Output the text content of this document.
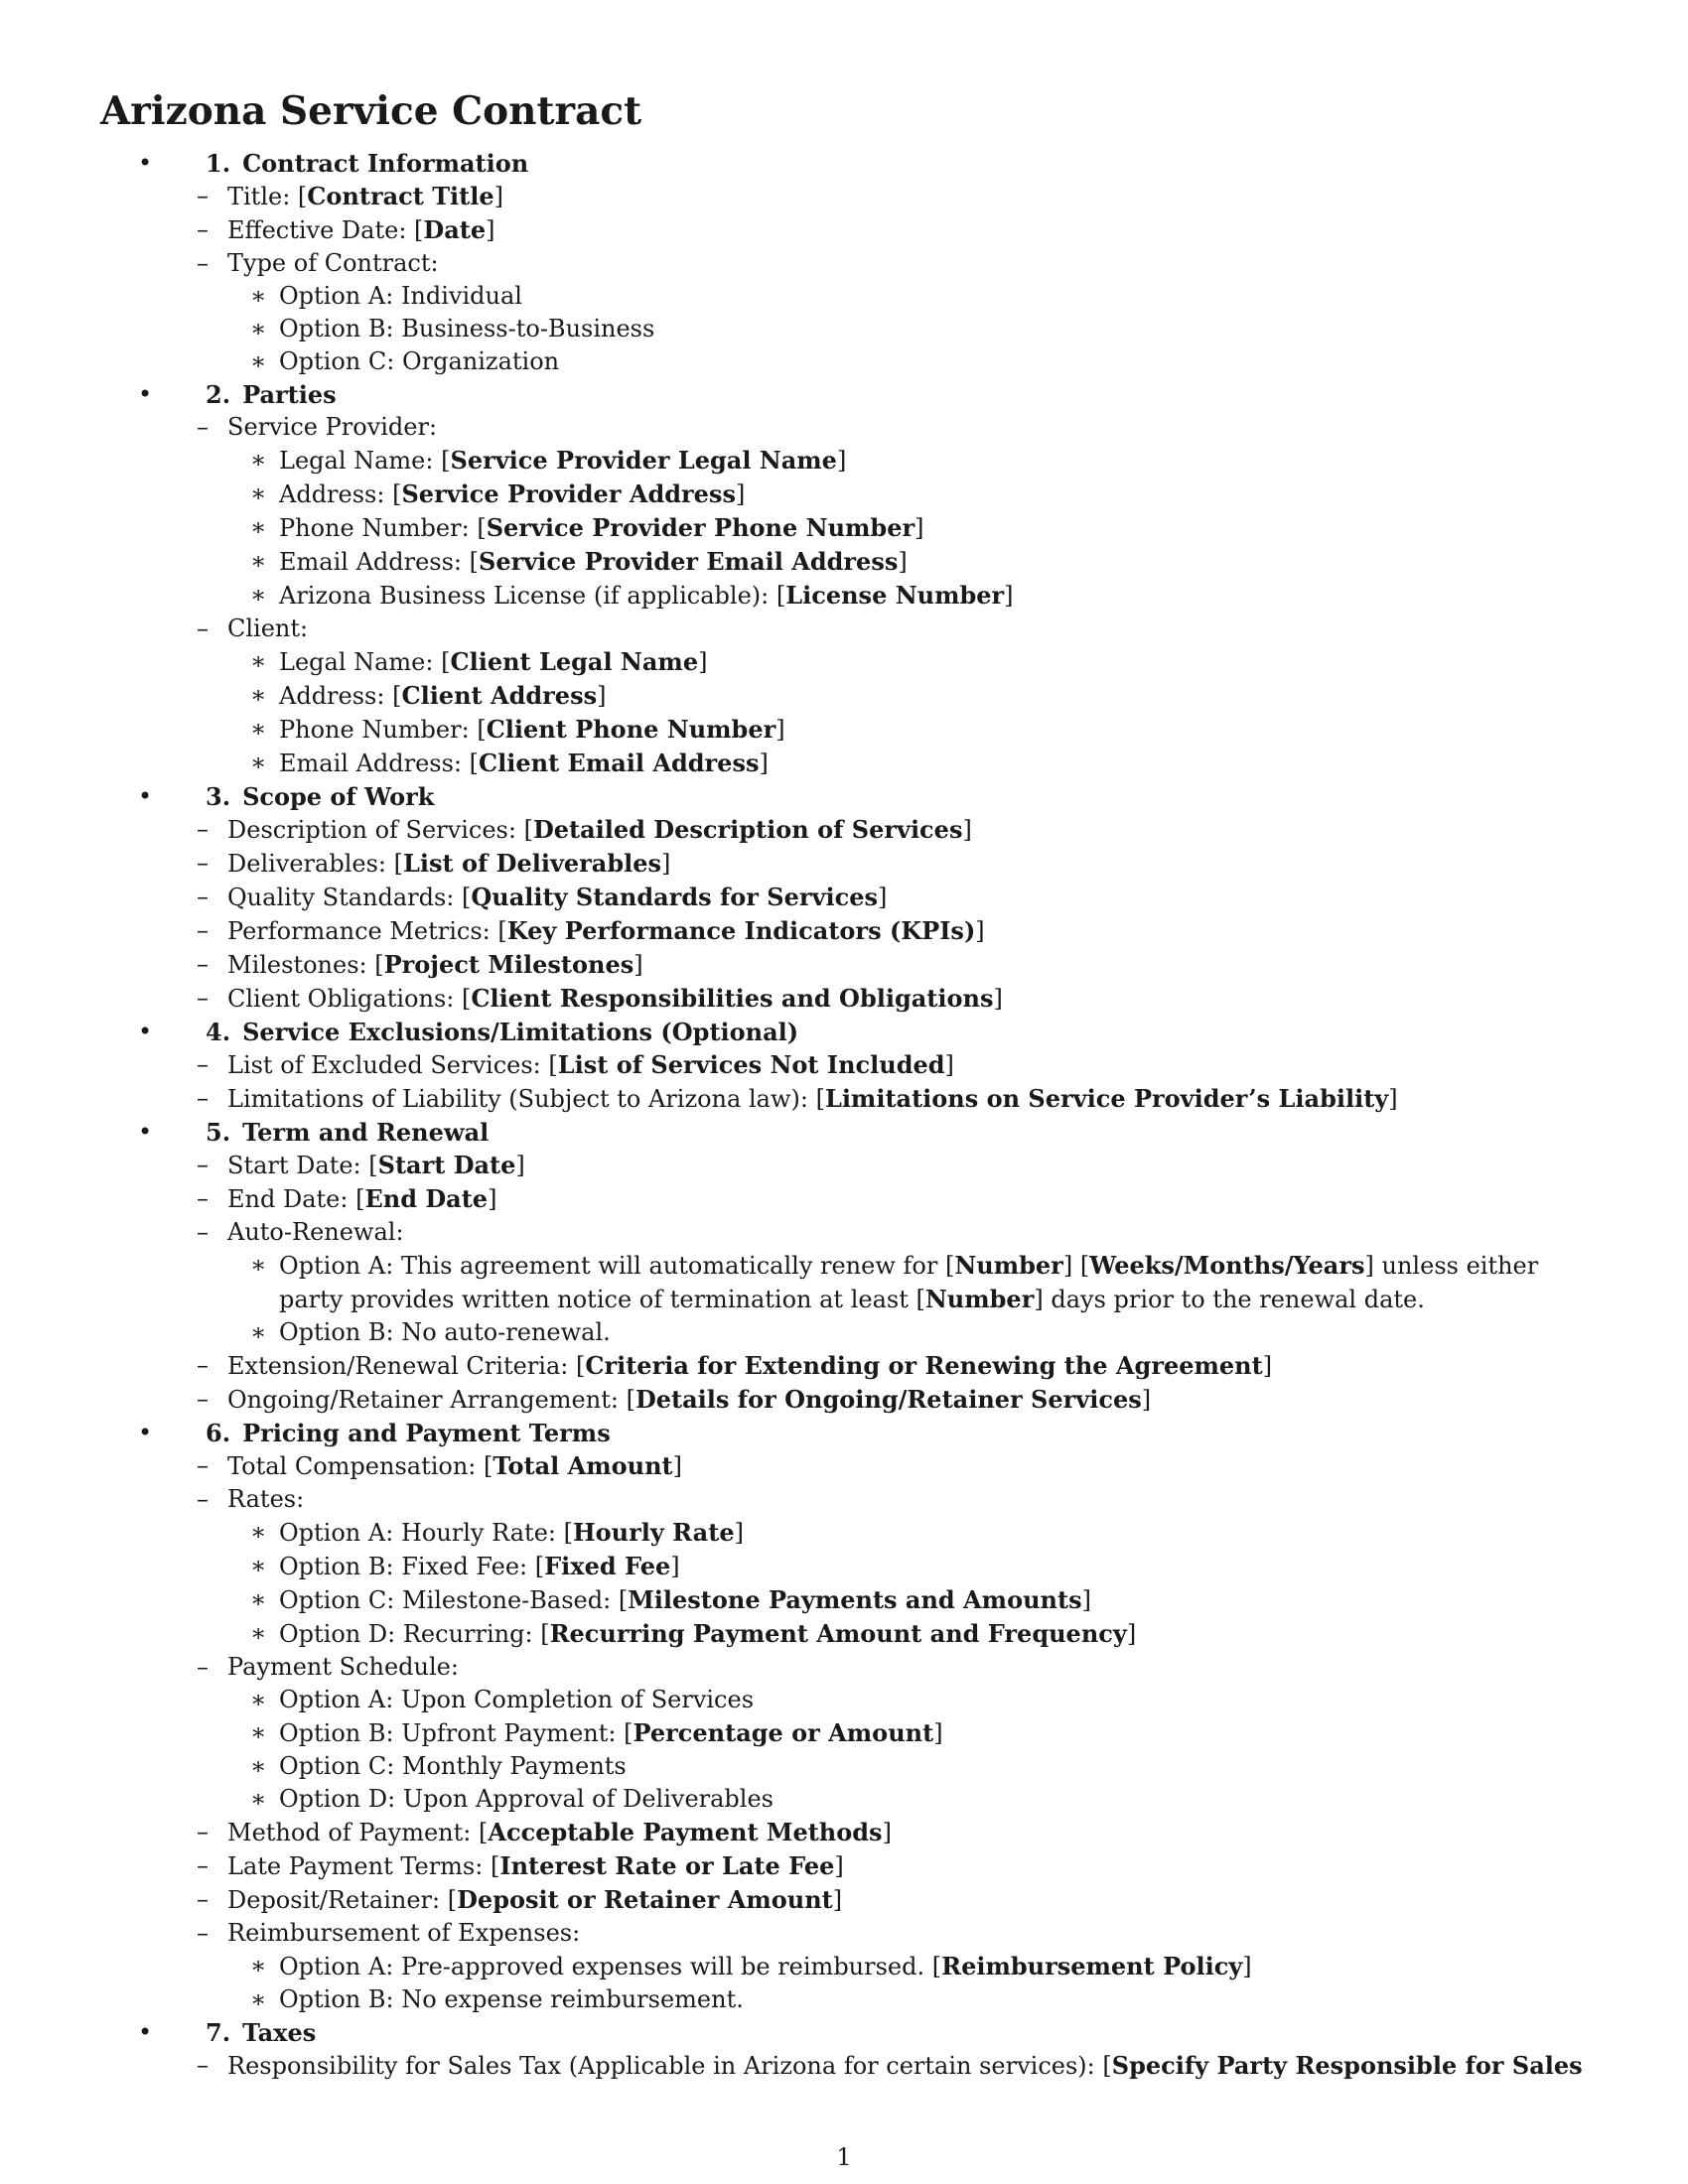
Arizona Service Contract
• 1. Contract Information
– Title: [Contract Title]
– Effective Date: [Date]
– Type of Contract:
∗ Option A: Individual
∗ Option B: Business-to-Business
∗ Option C: Organization
• 2. Parties
– Service Provider:
∗ Legal Name: [Service Provider Legal Name]
∗ Address: [Service Provider Address]
∗ Phone Number: [Service Provider Phone Number]
∗ Email Address: [Service Provider Email Address]
∗ Arizona Business License (if applicable): [License Number]
– Client:
∗ Legal Name: [Client Legal Name]
∗ Address: [Client Address]
∗ Phone Number: [Client Phone Number]
∗ Email Address: [Client Email Address]
• 3. Scope of Work
– Description of Services: [Detailed Description of Services]
– Deliverables: [List of Deliverables]
– Quality Standards: [Quality Standards for Services]
– Performance Metrics: [Key Performance Indicators (KPIs)]
– Milestones: [Project Milestones]
– Client Obligations: [Client Responsibilities and Obligations]
• 4. Service Exclusions/Limitations (Optional)
– List of Excluded Services: [List of Services Not Included]
– Limitations of Liability (Subject to Arizona law): [Limitations on Service Provider’s Liability]
• 5. Term and Renewal
– Start Date: [Start Date]
– End Date: [End Date]
– Auto-Renewal:
∗ Option A: This agreement will automatically renew for [Number] [Weeks/Months/Years] unless either party provides written notice of termination at least [Number] days prior to the renewal date.
∗ Option B: No auto-renewal.
– Extension/Renewal Criteria: [Criteria for Extending or Renewing the Agreement]
– Ongoing/Retainer Arrangement: [Details for Ongoing/Retainer Services]
• 6. Pricing and Payment Terms
– Total Compensation: [Total Amount]
– Rates:
∗ Option A: Hourly Rate: [Hourly Rate]
∗ Option B: Fixed Fee: [Fixed Fee]
∗ Option C: Milestone-Based: [Milestone Payments and Amounts]
∗ Option D: Recurring: [Recurring Payment Amount and Frequency]
– Payment Schedule:
∗ Option A: Upon Completion of Services
∗ Option B: Upfront Payment: [Percentage or Amount]
∗ Option C: Monthly Payments
∗ Option D: Upon Approval of Deliverables
– Method of Payment: [Acceptable Payment Methods]
– Late Payment Terms: [Interest Rate or Late Fee]
– Deposit/Retainer: [Deposit or Retainer Amount]
– Reimbursement of Expenses:
∗ Option A: Pre-approved expenses will be reimbursed. [Reimbursement Policy]
∗ Option B: No expense reimbursement.
• 7. Taxes
– Responsibility for Sales Tax (Applicable in Arizona for certain services): [Specify Party Responsible for Sales
1
